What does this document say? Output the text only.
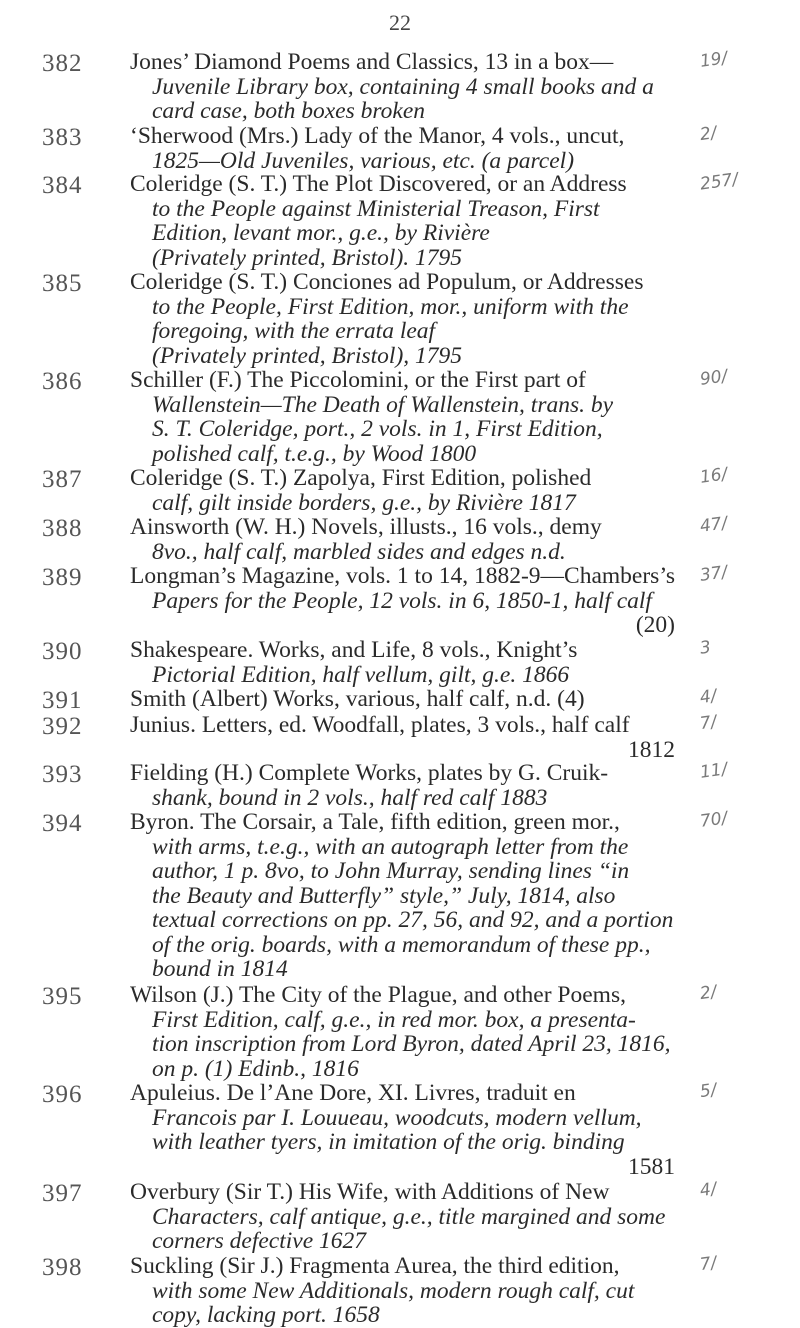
22
382 Jones’ Diamond Poems and Classics, 13 in a box—
Juvenile Library box, containing 4 small books and a
card case, both boxes broken
19/
383 ‘Sherwood (Mrs.) Lady of the Manor, 4 vols., uncut,
1825—Old Juveniles, various, etc. (a parcel)
2/
384 Coleridge (S. T.) The Plot Discovered, or an Address
to the People against Ministerial Treason, First
Edition, levant mor., g.e., by Rivière
(Privately printed, Bristol). 1795
257/
385 Coleridge (S. T.) Conciones ad Populum, or Addresses
to the People, First Edition, mor., uniform with the
foregoing, with the errata leaf
(Privately printed, Bristol), 1795
386 Schiller (F.) The Piccolomini, or the First part of
Wallenstein—The Death of Wallenstein, trans. by
S. T. Coleridge, port., 2 vols. in 1, First Edition,
polished calf, t.e.g., by Wood 1800
90/
387 Coleridge (S. T.) Zapolya, First Edition, polished
calf, gilt inside borders, g.e., by Rivière 1817
16/
388 Ainsworth (W. H.) Novels, illusts., 16 vols., demy
8vo., half calf, marbled sides and edges n.d.
47/
389 Longman’s Magazine, vols. 1 to 14, 1882-9—Chambers’s
Papers for the People, 12 vols. in 6, 1850-1, half calf
(20)
37/
390 Shakespeare. Works, and Life, 8 vols., Knight’s
Pictorial Edition, half vellum, gilt, g.e. 1866
3
391 Smith (Albert) Works, various, half calf, n.d. (4)	4/
392 Junius. Letters, ed. Woodfall, plates, 3 vols., half calf
1812
7/
393 Fielding (H.) Complete Works, plates by G. Cruik-
shank, bound in 2 vols., half red calf 1883
11/
394 Byron. The Corsair, a Tale, fifth edition, green mor.,
with arms, t.e.g., with an autograph letter from the
author, 1 p. 8vo, to John Murray, sending lines “in
the Beauty and Butterfly” style,” July, 1814, also
textual corrections on pp. 27, 56, and 92, and a portion
of the orig. boards, with a memorandum of these pp.,
bound in 1814
70/
395 Wilson (J.) The City of the Plague, and other Poems,
First Edition, calf, g.e., in red mor. box, a presenta-
tion inscription from Lord Byron, dated April 23, 1816,
on p. (1) Edinb., 1816
2/
396 Apuleius. De l’Ane Dore, XI. Livres, traduit en
Francois par I. Louueau, woodcuts, modern vellum,
with leather tyers, in imitation of the orig. binding
1581
5/
397 Overbury (Sir T.) His Wife, with Additions of New
Characters, calf antique, g.e., title margined and some
corners defective 1627
4/
398 Suckling (Sir J.) Fragmenta Aurea, the third edition,
with some New Additionals, modern rough calf, cut
copy, lacking port. 1658
7/
